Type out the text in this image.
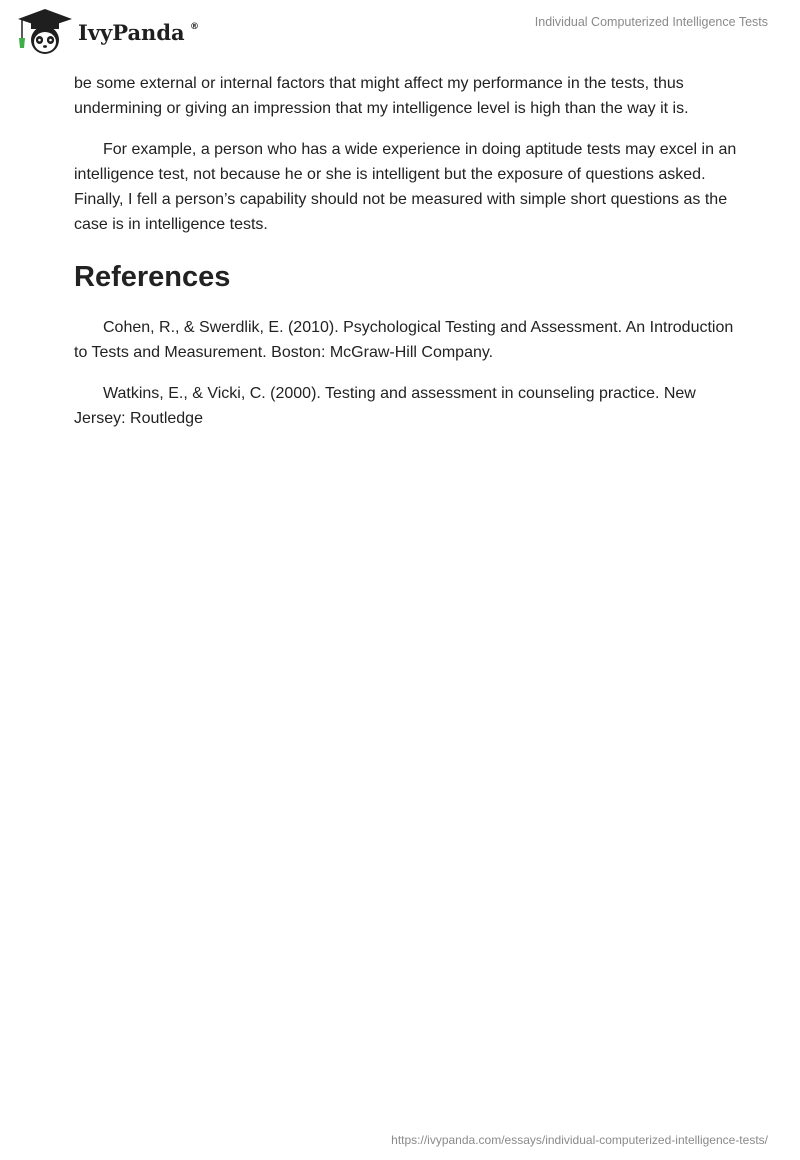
IvyPanda ®	Individual Computerized Intelligence Tests

be some external or internal factors that might affect my performance in the tests, thus undermining or giving an impression that my intelligence level is high than the way it is.

For example, a person who has a wide experience in doing aptitude tests may excel in an intelligence test, not because he or she is intelligent but the exposure of questions asked. Finally, I fell a person’s capability should not be measured with simple short questions as the case is in intelligence tests.

References

Cohen, R., & Swerdlik, E. (2010). Psychological Testing and Assessment. An Introduction to Tests and Measurement. Boston: McGraw-Hill Company.

Watkins, E., & Vicki, C. (2000). Testing and assessment in counseling practice. New Jersey: Routledge

https://ivypanda.com/essays/individual-computerized-intelligence-tests/
